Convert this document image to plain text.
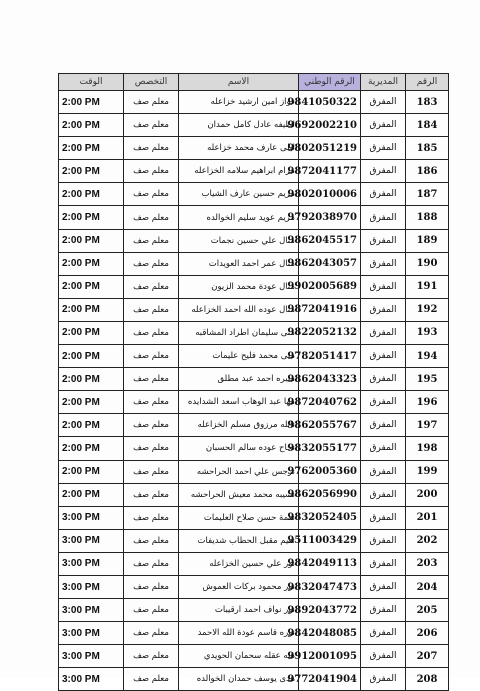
الرقم	المديرية	الرقم الوطني	الاسم	التخصص	الوقت
183	المفرق	9841050322	فواز امين ارشيد خزاعله	معلم صف	2:00 PM
184	المفرق	9692002210	لطيفه عادل كامل حمدان	معلم صف	2:00 PM
185	المفرق	9802051219	ليلى عارف محمد خزاعله	معلم صف	2:00 PM
186	المفرق	9872041177	مرام ابراهيم سلامه الخزاعله	معلم صف	2:00 PM
187	المفرق	9802010006	مريم حسين عارف الشياب	معلم صف	2:00 PM
188	المفرق	9792038970	مريم عويد سليم الخوالده	معلم صف	2:00 PM
189	المفرق	9862045517	منال علي حسين نجمات	معلم صف	2:00 PM
190	المفرق	9862043057	منال عمر احمد العويدات	معلم صف	2:00 PM
191	المفرق	9902005689	منال عودة محمد الزيون	معلم صف	2:00 PM
192	المفرق	9872041916	منال عوده الله احمد الخزاعله	معلم صف	2:00 PM
193	المفرق	9822052132	منى سليمان اطراد المشاقبه	معلم صف	2:00 PM
194	المفرق	9782051417	منى محمد فليح عليمات	معلم صف	2:00 PM
195	المفرق	9862043323	منيره احمد عبد مطلق	معلم صف	2:00 PM
196	المفرق	9872040762	مها عبد الوهاب اسعد الشدايده	معلم صف	2:00 PM
197	المفرق	9862055767	نائله مرزوق مسلم الخزاعله	معلم صف	2:00 PM
198	المفرق	9832055177	نجاح عوده سالم الحسبان	معلم صف	2:00 PM
199	المفرق	9762005360	نرجس علي احمد الحراحشه	معلم صف	2:00 PM
200	المفرق	9862056990	نسيبه محمد معيش الحراحشه	معلم صف	2:00 PM
201	المفرق	9832052405	نعمة حسن صلاح العليمات	معلم صف	3:00 PM
202	المفرق	9511003429	نعيم مقبل الحطاب شديفات	معلم صف	3:00 PM
203	المفرق	9842049113	نور علي حسين الخزاعله	معلم صف	3:00 PM
204	المفرق	9832047473	نور محمود بركات العموش	معلم صف	3:00 PM
205	المفرق	9892043772	نور نواف احمد ارقيبات	معلم صف	3:00 PM
206	المفرق	9842048085	نوره قاسم عودة الله الاحمد	معلم صف	3:00 PM
207	المفرق	9912001095	هبه عقله سحمان الحويدي	معلم صف	3:00 PM
208	المفرق	9772041904	هدى يوسف حمدان الخوالده	معلم صف	3:00 PM
